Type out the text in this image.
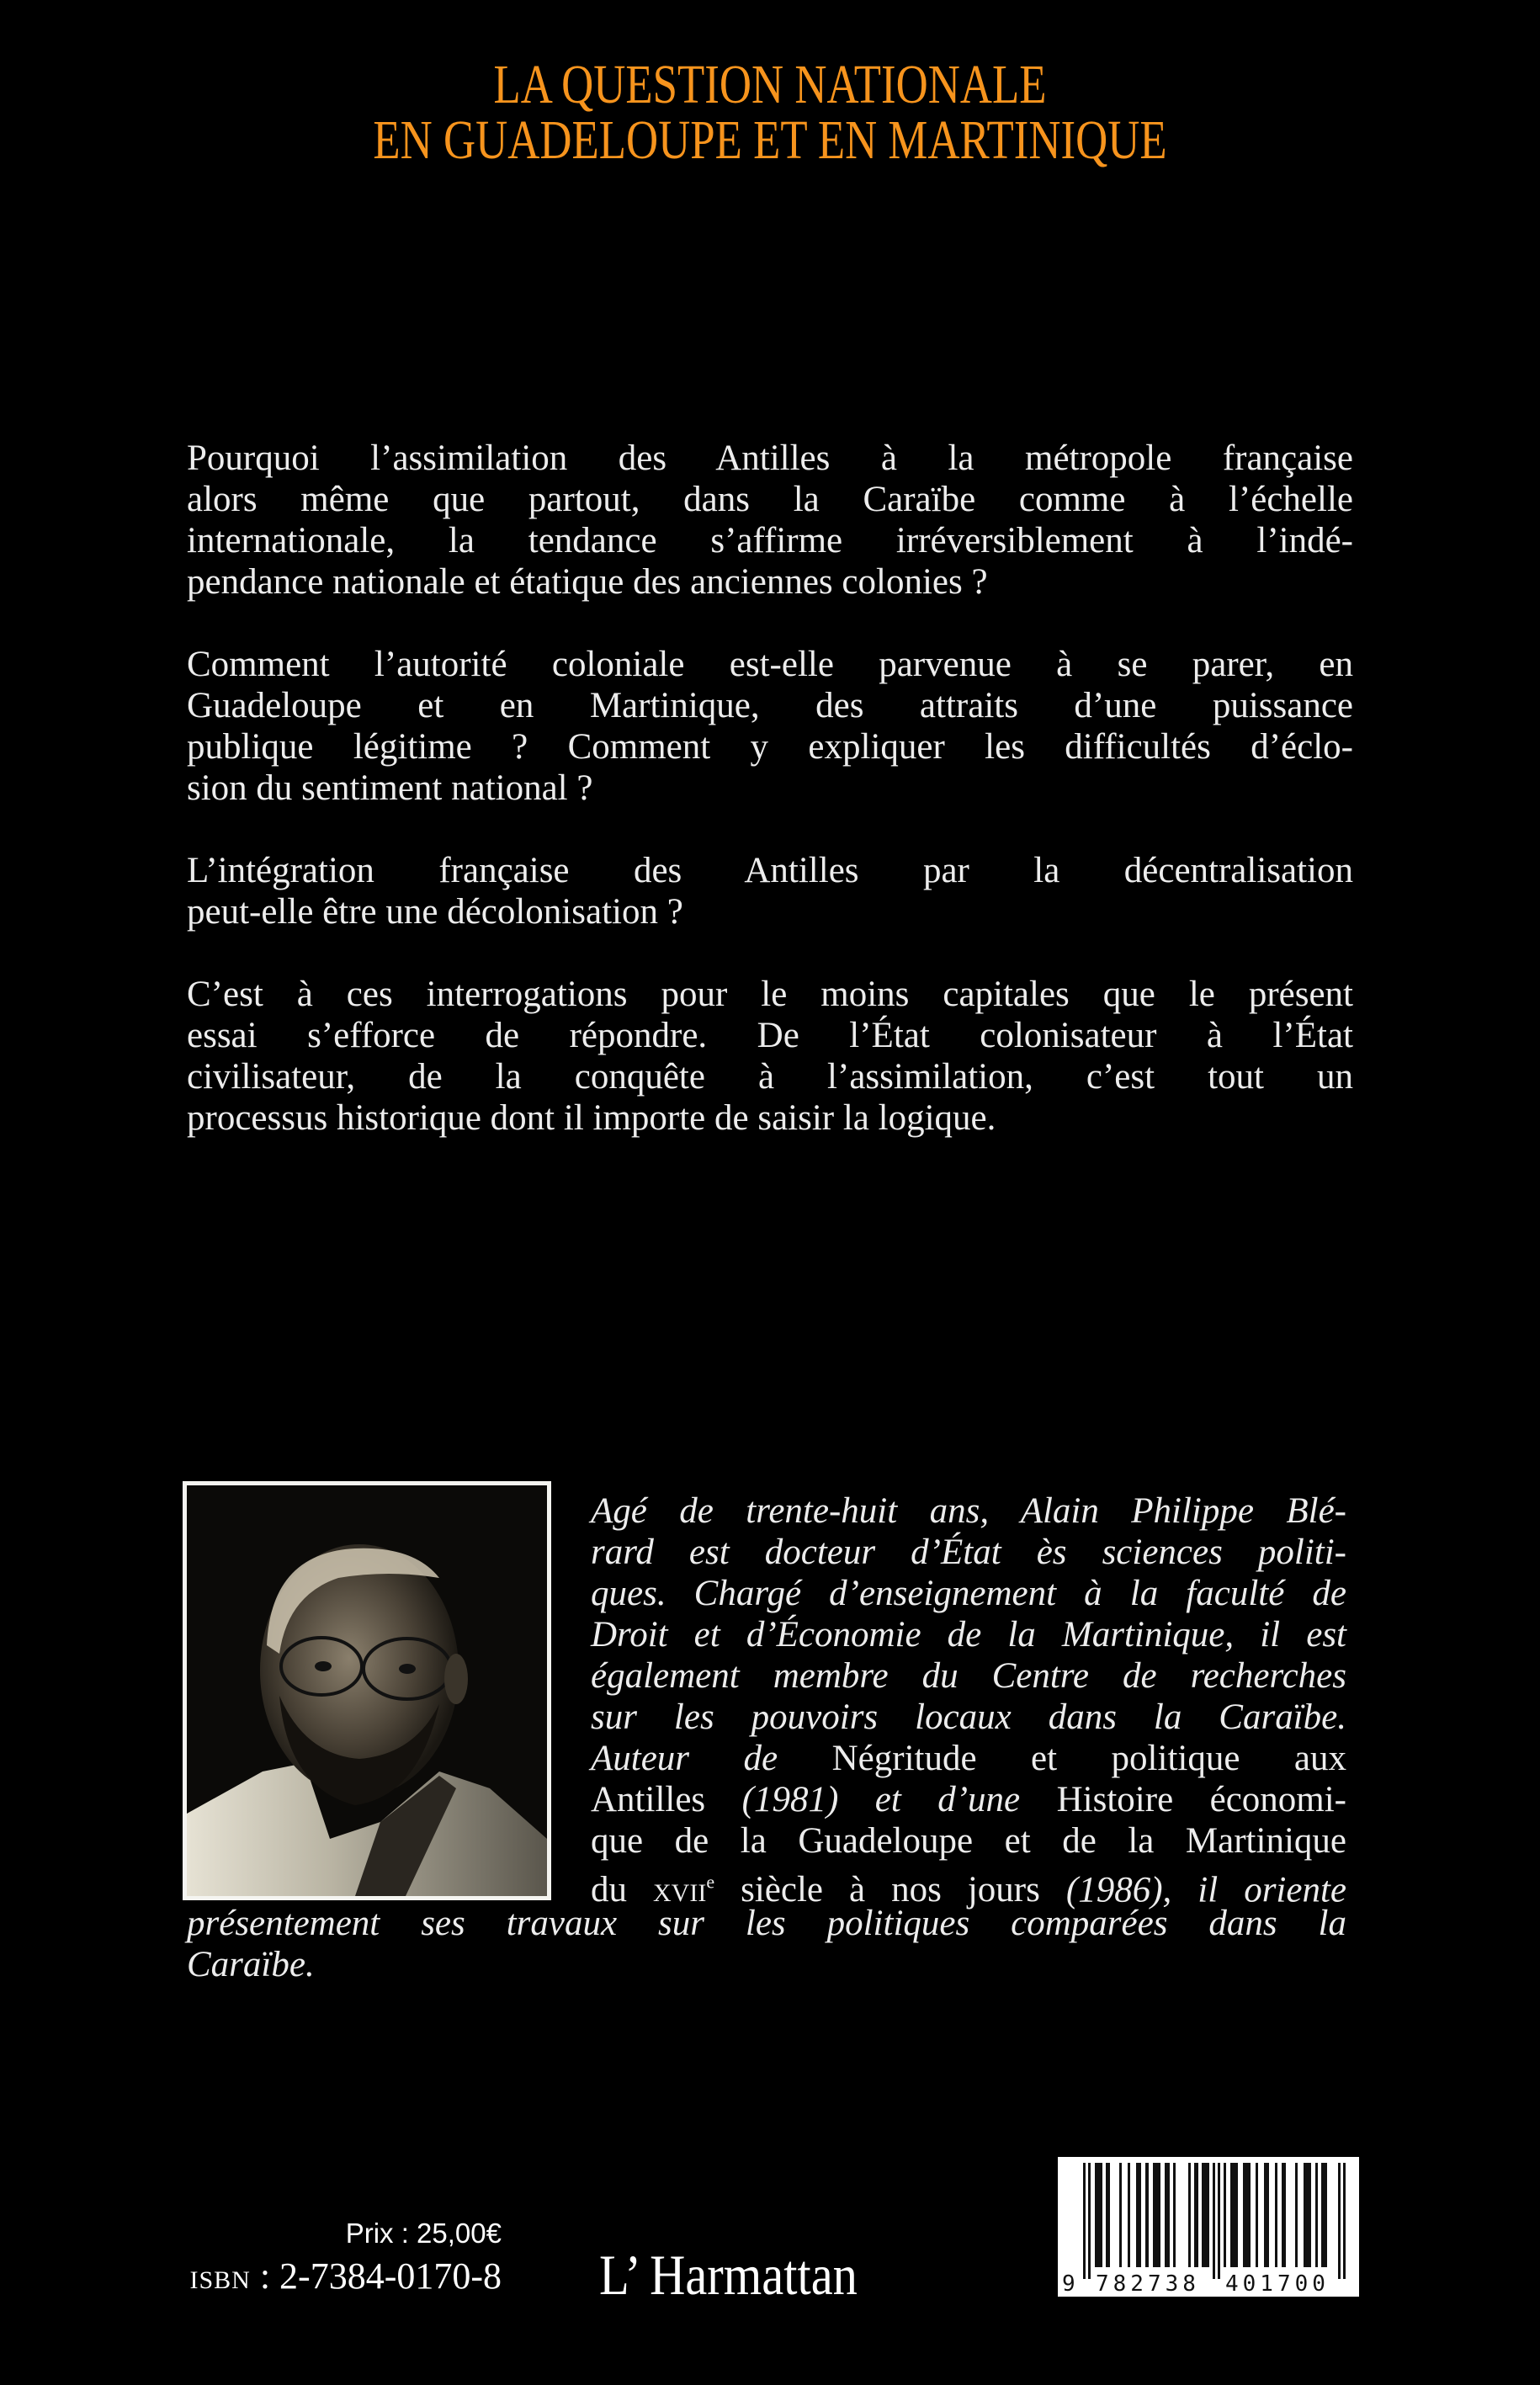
LA QUESTION NATIONALE
EN GUADELOUPE ET EN MARTINIQUE

Pourquoi l’assimilation des Antilles à la métropole française
alors même que partout, dans la Caraïbe comme à l’échelle
internationale, la tendance s’affirme irréversiblement à l’indé-
pendance nationale et étatique des anciennes colonies ?

Comment l’autorité coloniale est-elle parvenue à se parer, en
Guadeloupe et en Martinique, des attraits d’une puissance
publique légitime ? Comment y expliquer les difficultés d’éclo-
sion du sentiment national ?

L’intégration française des Antilles par la décentralisation
peut-elle être une décolonisation ?

C’est à ces interrogations pour le moins capitales que le présent
essai s’efforce de répondre. De l’État colonisateur à l’État
civilisateur, de la conquête à l’assimilation, c’est tout un
processus historique dont il importe de saisir la logique.

Agé de trente-huit ans, Alain Philippe Blé-
rard est docteur d’État ès sciences politi-
ques. Chargé d’enseignement à la faculté de
Droit et d’Économie de la Martinique, il est
également membre du Centre de recherches
sur les pouvoirs locaux dans la Caraïbe.
Auteur de Négritude et politique aux
Antilles (1981) et d’une Histoire économi-
que de la Guadeloupe et de la Martinique
du xvii$^e$ siècle à nos jours (1986), il oriente
présentement ses travaux sur les politiques comparées dans la
Caraïbe.
Prix : 25,00€
ISBN : 2-7384-0170-8 L’ Harmattan	9 782738 401700
